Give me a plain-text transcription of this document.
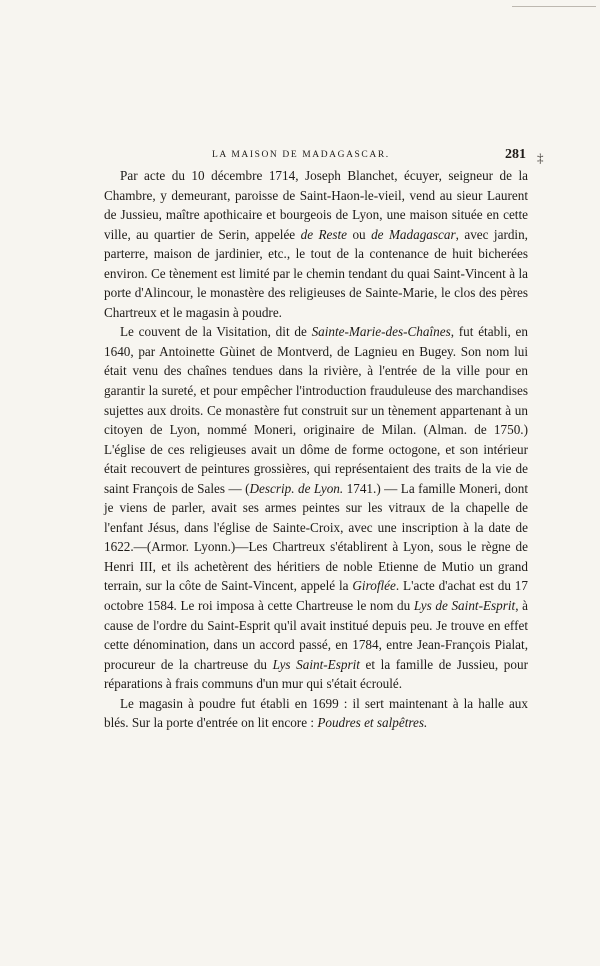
‡
LA MAISON DE MADAGASCAR.	281

Par acte du 10 décembre 1714, Joseph Blanchet, écuyer, seigneur de la Chambre, y demeurant, paroisse de Saint-Haon-le-vieil, vend au sieur Laurent de Jussieu, maître apothicaire et bourgeois de Lyon, une maison située en cette ville, au quartier de Serin, appelée de Reste ou de Madagascar, avec jardin, parterre, maison de jardinier, etc., le tout de la contenance de huit bicherées environ. Ce tènement est limité par le chemin tendant du quai Saint-Vincent à la porte d'Alincour, le monastère des religieuses de Sainte-Marie, le clos des pères Chartreux et le magasin à poudre.

Le couvent de la Visitation, dit de Sainte-Marie-des-Chaînes, fut établi, en 1640, par Antoinette Gùinet de Montverd, de Lagnieu en Bugey. Son nom lui était venu des chaînes tendues dans la rivière, à l'entrée de la ville pour en garantir la sureté, et pour empêcher l'introduction frauduleuse des marchandises sujettes aux droits. Ce monastère fut construit sur un tènement appartenant à un citoyen de Lyon, nommé Moneri, originaire de Milan. (Alman. de 1750.) L'église de ces religieuses avait un dôme de forme octogone, et son intérieur était recouvert de peintures grossières, qui représentaient des traits de la vie de saint François de Sales — (Descrip. de Lyon. 1741.) — La famille Moneri, dont je viens de parler, avait ses armes peintes sur les vitraux de la chapelle de l'enfant Jésus, dans l'église de Sainte-Croix, avec une inscription à la date de 1622.—(Armor. Lyonn.)—Les Chartreux s'établirent à Lyon, sous le règne de Henri III, et ils achetèrent des héritiers de noble Etienne de Mutio un grand terrain, sur la côte de Saint-Vincent, appelé la Giroflée. L'acte d'achat est du 17 octobre 1584. Le roi imposa à cette Chartreuse le nom du Lys de Saint-Esprit, à cause de l'ordre du Saint-Esprit qu'il avait institué depuis peu. Je trouve en effet cette dénomination, dans un accord passé, en 1784, entre Jean-François Pialat, procureur de la chartreuse du Lys Saint-Esprit et la famille de Jussieu, pour réparations à frais communs d'un mur qui s'était écroulé.

Le magasin à poudre fut établi en 1699 : il sert maintenant à la halle aux blés. Sur la porte d'entrée on lit encore : Poudres et salpêtres.
